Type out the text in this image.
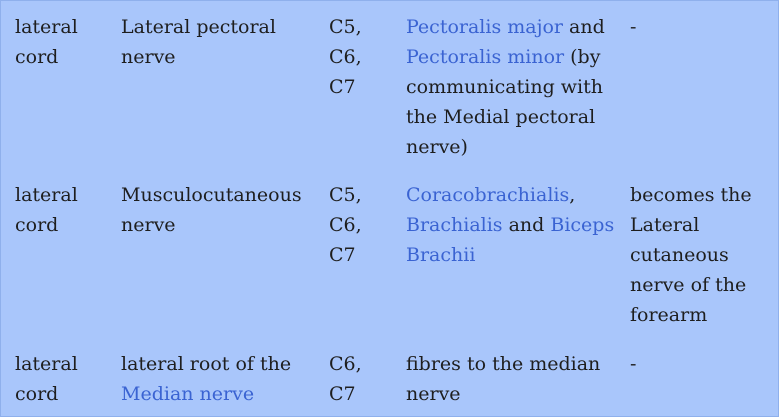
lateral
cord
Lateral pectoral
nerve
C5,
C6,
C7
Pectoralis major and
Pectoralis minor (by
communicating with
the Medial pectoral
nerve)
-
lateral
cord
Musculocutaneous
nerve
C5,
C6,
C7
Coracobrachialis,
Brachialis and Biceps
Brachii
becomes the
Lateral
cutaneous
nerve of the
forearm
lateral
cord
lateral root of the
Median nerve
C6,
C7
fibres to the median
nerve
-
